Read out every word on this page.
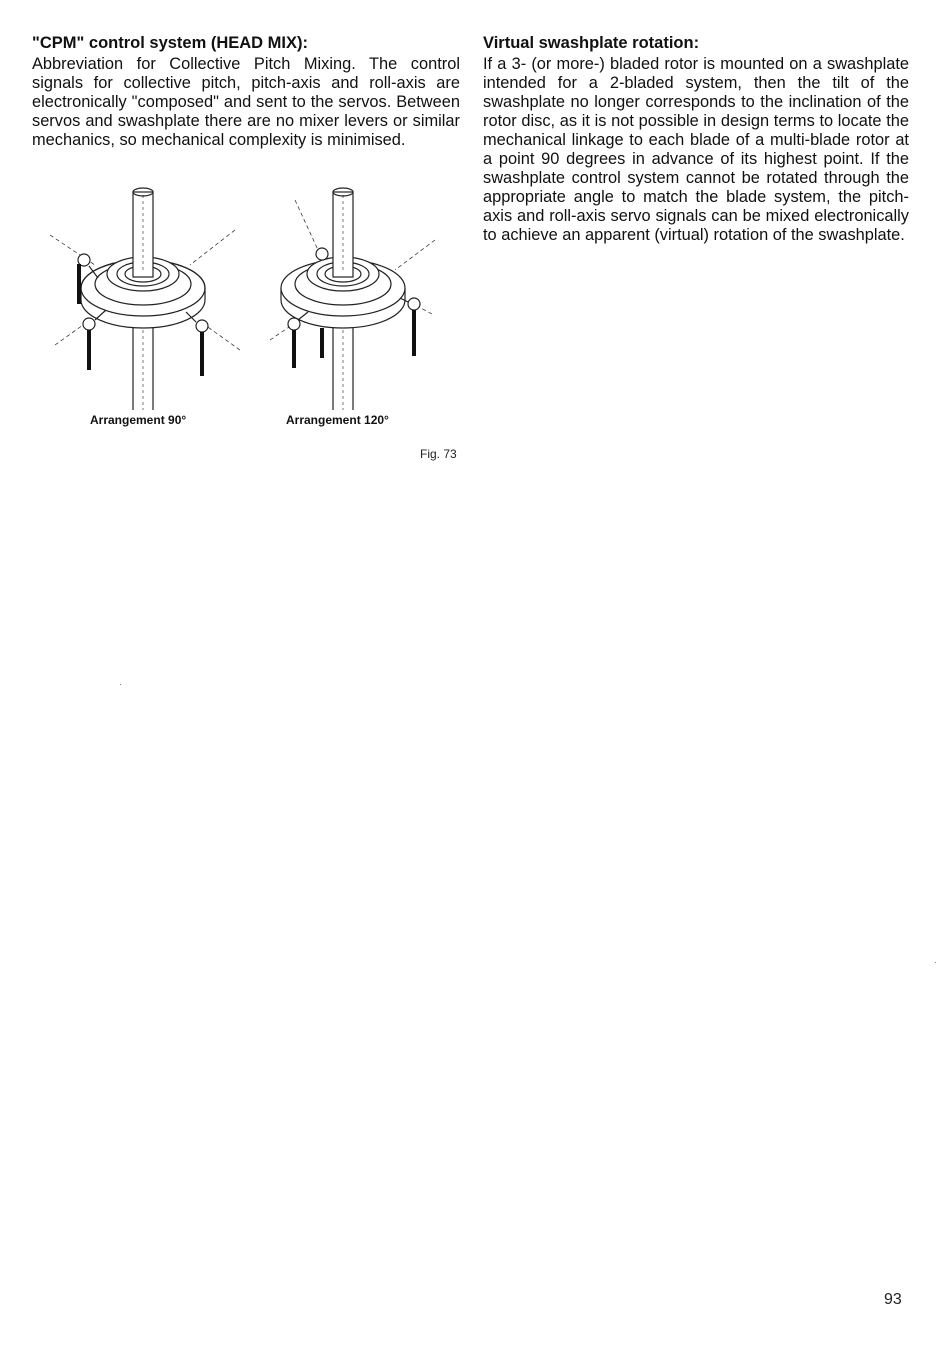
"CPM" control system (HEAD MIX):

Abbreviation for Collective Pitch Mixing. The control signals for collective pitch, pitch-axis and roll-axis are electronically "composed" and sent to the servos. Between servos and swashplate there are no mixer levers or similar mechanics, so mechanical complexity is minimised.

Virtual swashplate rotation:

If a 3- (or more-) bladed rotor is mounted on a swashplate intended for a 2-bladed system, then the tilt of the swashplate no longer corresponds to the inclination of the rotor disc, as it is not possible in design terms to locate the mechanical linkage to each blade of a multi-blade rotor at a point 90 degrees in advance of its highest point. If the swashplate control system cannot be rotated through the appropriate angle to match the blade system, the pitch-axis and roll-axis servo signals can be mixed electronically to achieve an apparent (virtual) rotation of the swashplate.

Arrangement 90°	Arrangement 120°
Fig. 73
93
